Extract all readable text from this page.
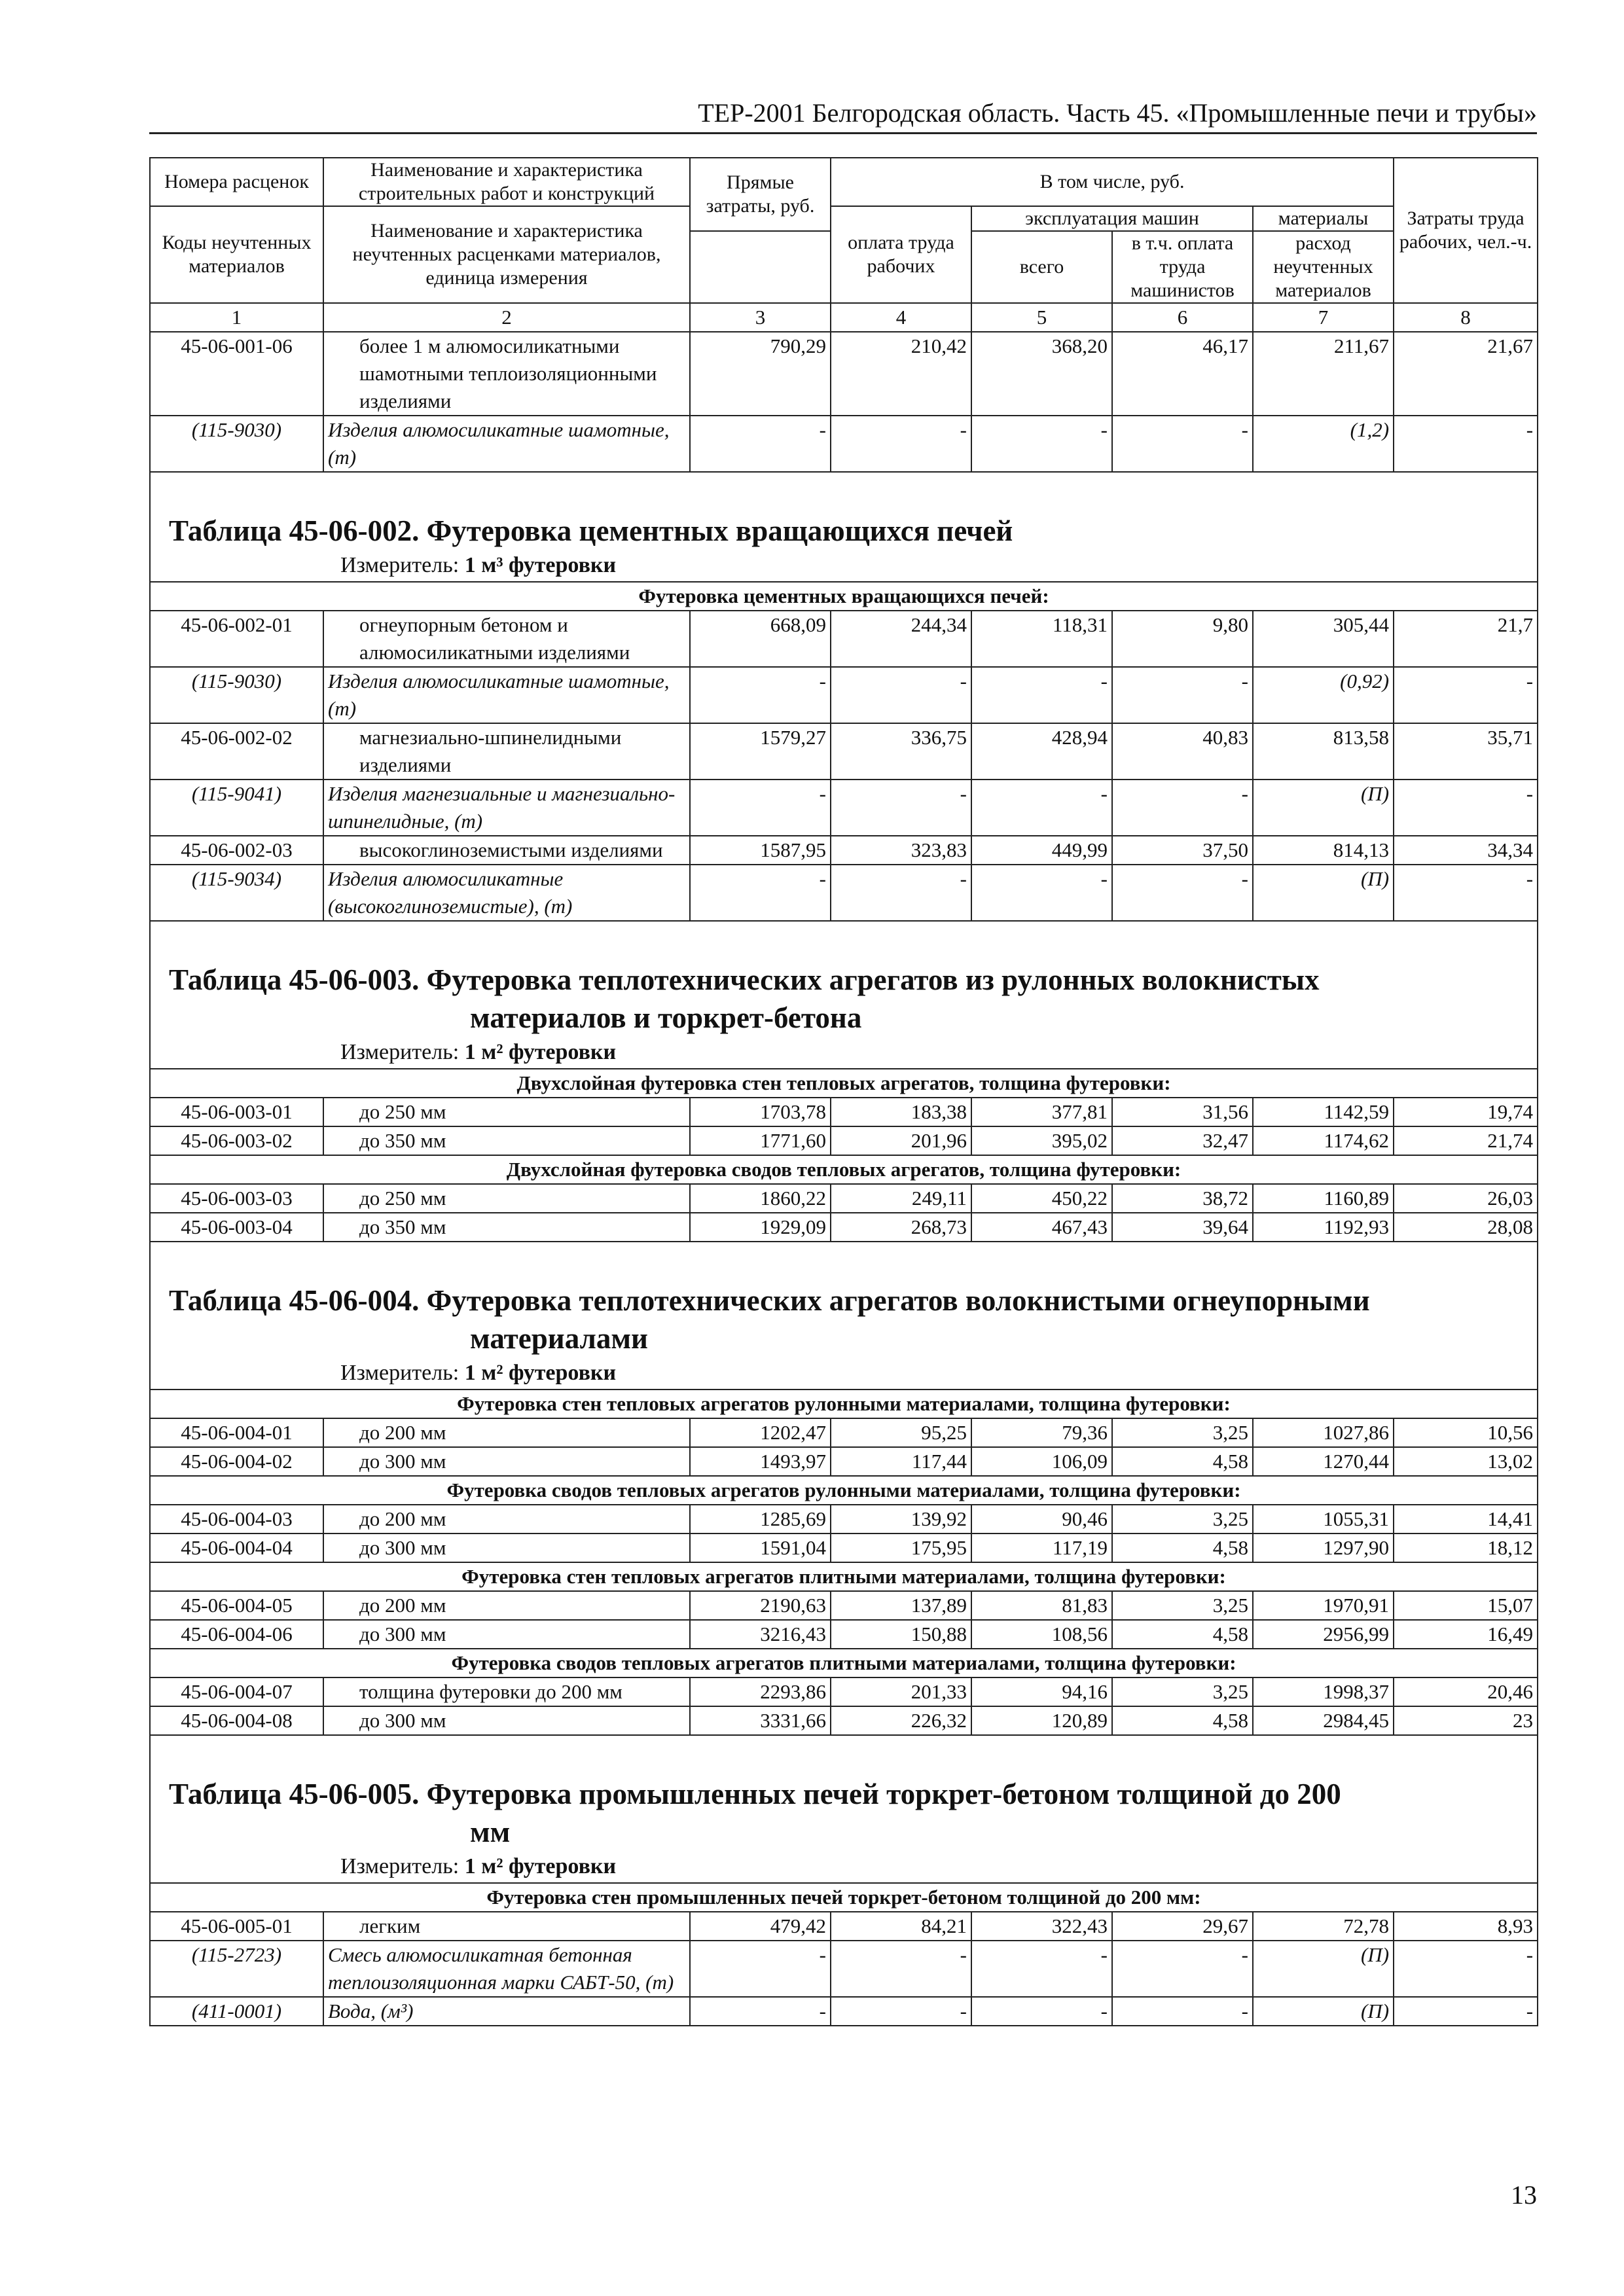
ТЕР-2001 Белгородская область. Часть 45. «Промышленные печи и трубы»
Номера расценок	Наименование и характеристика строительных работ и конструкций	Прямые затраты, руб.	В том числе, руб.				Затраты труда рабочих, чел.-ч.
Коды неучтенных материалов	Наименование и характеристика неучтенных расценками материалов, единица измерения		оплата труда рабочих	эксплуатация машин		материалы	
				всего	в т.ч. оплата труда машинистов	расход неучтенных материалов	

1	2	3	4	5	6	7	8
45-06-001-06	более 1 м алюмосиликатными шамотными теплоизоляционными изделиями	790,29	210,42	368,20	46,17	211,67	21,67
(115-9030)	Изделия алюмосиликатные шамотные, (т)	-	-	-	-	(1,2)	-
Таблица 45-06-002. Футеровка цементных вращающихся печей							
Измеритель: 1 м³ футеровки							
Футеровка цементных вращающихся печей:							
45-06-002-01	огнеупорным бетоном и алюмосиликатными изделиями	668,09	244,34	118,31	9,80	305,44	21,7
(115-9030)	Изделия алюмосиликатные шамотные, (т)	-	-	-	-	(0,92)	-
45-06-002-02	магнезиально-шпинелидными изделиями	1579,27	336,75	428,94	40,83	813,58	35,71
(115-9041)	Изделия магнезиальные и магнезиально-шпинелидные, (т)	-	-	-	-	(П)	-
45-06-002-03	высокоглиноземистыми изделиями	1587,95	323,83	449,99	37,50	814,13	34,34
(115-9034)	Изделия алюмосиликатные (высокоглиноземистые), (т)	-	-	-	-	(П)	-
Таблица 45-06-003. Футеровка теплотехнических агрегатов из рулонных волокнистых
материалов и торкрет-бетона							

Измеритель: 1 м² футеровки							
Двухслойная футеровка стен тепловых агрегатов, толщина футеровки:							
45-06-003-01	до 250 мм	1703,78	183,38	377,81	31,56	1142,59	19,74
45-06-003-02	до 350 мм	1771,60	201,96	395,02	32,47	1174,62	21,74
Двухслойная футеровка сводов тепловых агрегатов, толщина футеровки:							
45-06-003-03	до 250 мм	1860,22	249,11	450,22	38,72	1160,89	26,03
45-06-003-04	до 350 мм	1929,09	268,73	467,43	39,64	1192,93	28,08
Таблица 45-06-004. Футеровка теплотехнических агрегатов волокнистыми огнеупорными
материалами							

Измеритель: 1 м² футеровки							
Футеровка стен тепловых агрегатов рулонными материалами, толщина футеровки:							
45-06-004-01	до 200 мм	1202,47	95,25	79,36	3,25	1027,86	10,56
45-06-004-02	до 300 мм	1493,97	117,44	106,09	4,58	1270,44	13,02
Футеровка сводов тепловых агрегатов рулонными материалами, толщина футеровки:							
45-06-004-03	до 200 мм	1285,69	139,92	90,46	3,25	1055,31	14,41
45-06-004-04	до 300 мм	1591,04	175,95	117,19	4,58	1297,90	18,12
Футеровка стен тепловых агрегатов плитными материалами, толщина футеровки:							
45-06-004-05	до 200 мм	2190,63	137,89	81,83	3,25	1970,91	15,07
45-06-004-06	до 300 мм	3216,43	150,88	108,56	4,58	2956,99	16,49
Футеровка сводов тепловых агрегатов плитными материалами, толщина футеровки:							
45-06-004-07	толщина футеровки до 200 мм	2293,86	201,33	94,16	3,25	1998,37	20,46
45-06-004-08	до 300 мм	3331,66	226,32	120,89	4,58	2984,45	23
Таблица 45-06-005. Футеровка промышленных печей торкрет-бетоном толщиной до 200
мм							

Измеритель: 1 м² футеровки							
Футеровка стен промышленных печей торкрет-бетоном толщиной до 200 мм:							
45-06-005-01	легким	479,42	84,21	322,43	29,67	72,78	8,93
(115-2723)	Смесь алюмосиликатная бетонная теплоизоляционная марки САБТ-50, (т)	-	-	-	-	(П)	-
(411-0001)	Вода, (м³)	-	-	-	-	(П)	-
13
